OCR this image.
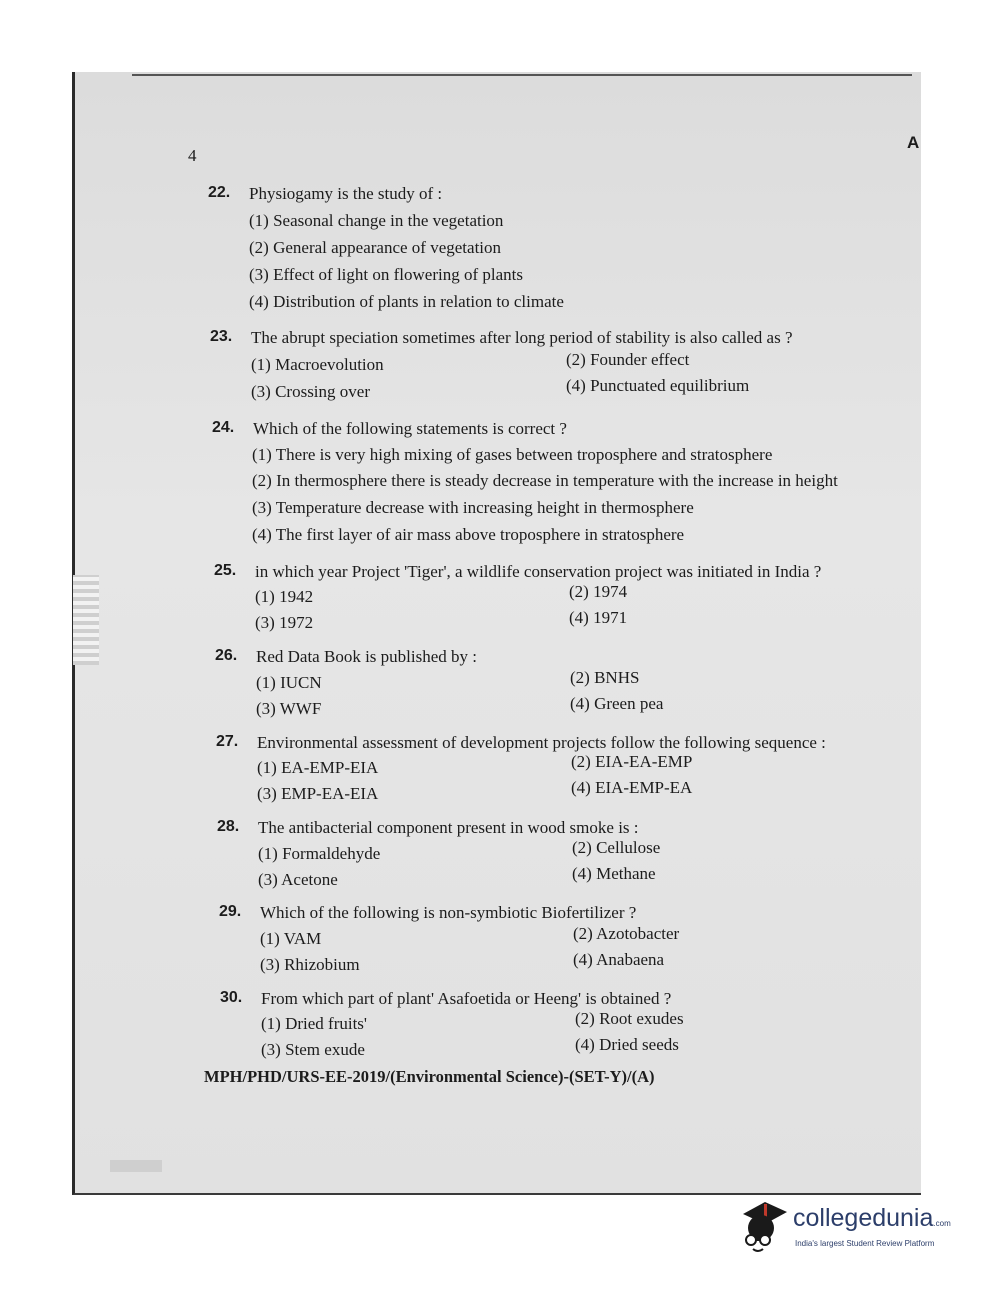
4
A
22. Physiogamy is the study of :
(1) Seasonal change in the vegetation
(2) General appearance of vegetation
(3) Effect of light on flowering of plants
(4) Distribution of plants in relation to climate
23. The abrupt speciation sometimes after long period of stability is also called as ?
(1) Macroevolution	(2) Founder effect
(3) Crossing over	(4) Punctuated equilibrium
24. Which of the following statements is correct ?
(1) There is very high mixing of gases between troposphere and stratosphere
(2) In thermosphere there is steady decrease in temperature with the increase in height
(3) Temperature decrease with increasing height in thermosphere
(4) The first layer of air mass above troposphere in stratosphere
25. in which year Project 'Tiger', a wildlife conservation project was initiated in India ?
(1) 1942	(2) 1974
(3) 1972	(4) 1971
26. Red Data Book is published by :
(1) IUCN	(2) BNHS
(3) WWF	(4) Green pea
27. Environmental assessment of development projects follow the following sequence :
(1) EA-EMP-EIA	(2) EIA-EA-EMP
(3) EMP-EA-EIA	(4) EIA-EMP-EA
28. The antibacterial component present in wood smoke is :
(1) Formaldehyde	(2) Cellulose
(3) Acetone	(4) Methane
29. Which of the following is non-symbiotic Biofertilizer ?
(1) VAM	(2) Azotobacter
(3) Rhizobium	(4) Anabaena
30. From which part of plant' Asafoetida or Heeng' is obtained ?
(1) Dried fruits'	(2) Root exudes
(3) Stem exude	(4) Dried seeds
MPH/PHD/URS-EE-2019/(Environmental Science)-(SET-Y)/(A)
collegedunia.com
India's largest Student Review Platform
